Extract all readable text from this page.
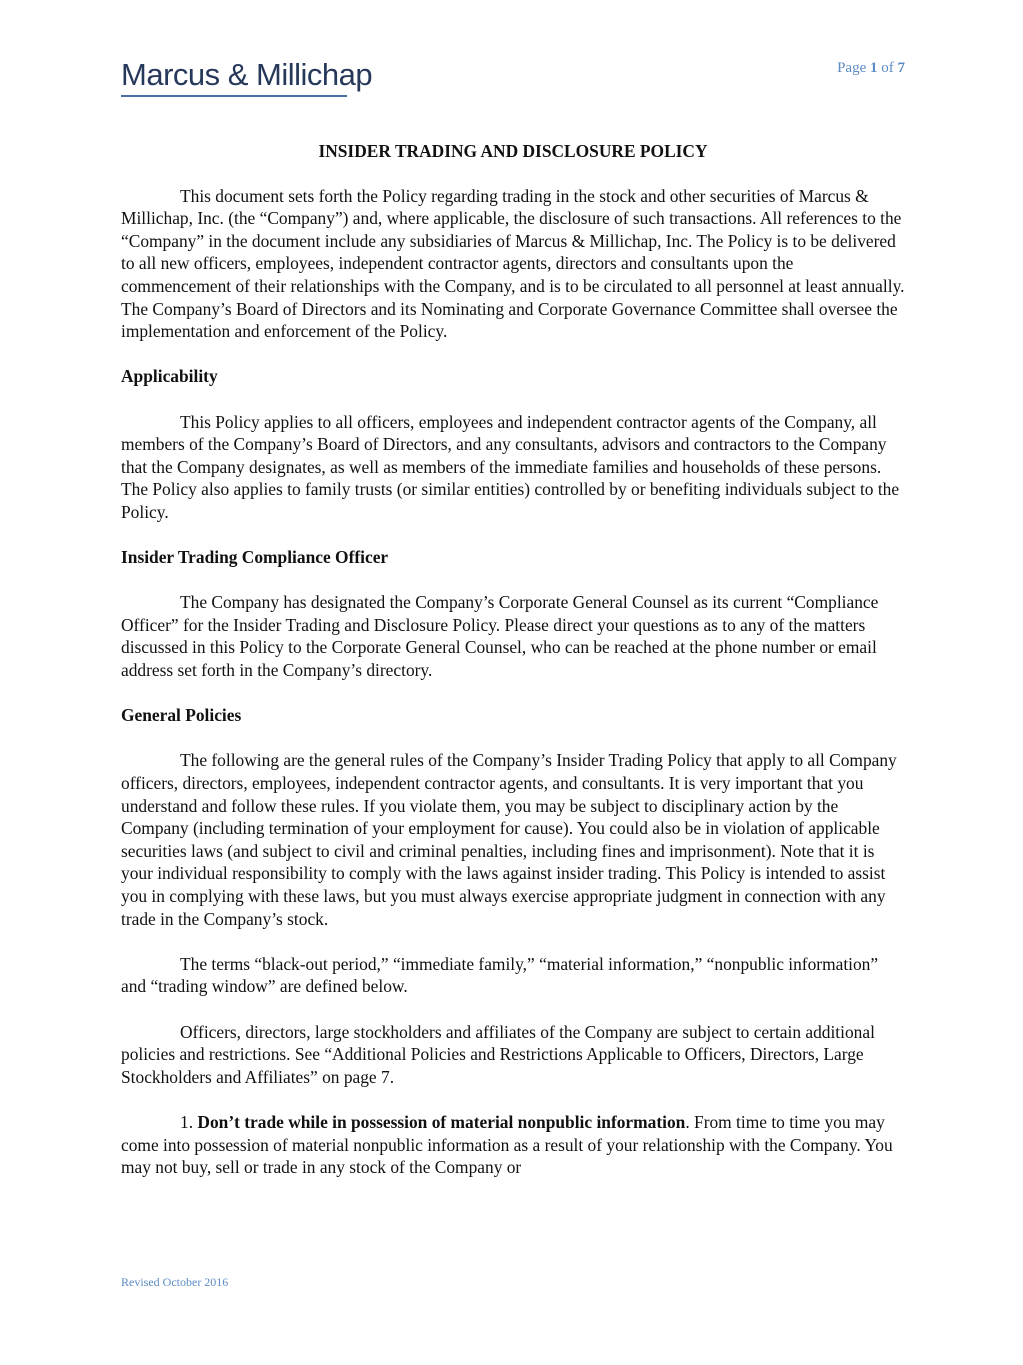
Marcus & Millichap	Page 1 of 7
INSIDER TRADING AND DISCLOSURE POLICY

This document sets forth the Policy regarding trading in the stock and other securities of Marcus & Millichap, Inc. (the “Company”) and, where applicable, the disclosure of such transactions. All references to the “Company” in the document include any subsidiaries of Marcus & Millichap, Inc. The Policy is to be delivered to all new officers, employees, independent contractor agents, directors and consultants upon the commencement of their relationships with the Company, and is to be circulated to all personnel at least annually. The Company’s Board of Directors and its Nominating and Corporate Governance Committee shall oversee the implementation and enforcement of the Policy.

Applicability

This Policy applies to all officers, employees and independent contractor agents of the Company, all members of the Company’s Board of Directors, and any consultants, advisors and contractors to the Company that the Company designates, as well as members of the immediate families and households of these persons. The Policy also applies to family trusts (or similar entities) controlled by or benefiting individuals subject to the Policy.

Insider Trading Compliance Officer

The Company has designated the Company’s Corporate General Counsel as its current “Compliance Officer” for the Insider Trading and Disclosure Policy. Please direct your questions as to any of the matters discussed in this Policy to the Corporate General Counsel, who can be reached at the phone number or email address set forth in the Company’s directory.

General Policies

The following are the general rules of the Company’s Insider Trading Policy that apply to all Company officers, directors, employees, independent contractor agents, and consultants. It is very important that you understand and follow these rules. If you violate them, you may be subject to disciplinary action by the Company (including termination of your employment for cause). You could also be in violation of applicable securities laws (and subject to civil and criminal penalties, including fines and imprisonment). Note that it is your individual responsibility to comply with the laws against insider trading. This Policy is intended to assist you in complying with these laws, but you must always exercise appropriate judgment in connection with any trade in the Company’s stock.

The terms “black-out period,” “immediate family,” “material information,” “nonpublic information” and “trading window” are defined below.

Officers, directors, large stockholders and affiliates of the Company are subject to certain additional policies and restrictions. See “Additional Policies and Restrictions Applicable to Officers, Directors, Large Stockholders and Affiliates” on page 7.

1. Don’t trade while in possession of material nonpublic information. From time to time you may come into possession of material nonpublic information as a result of your relationship with the Company. You may not buy, sell or trade in any stock of the Company or

Revised October 2016
